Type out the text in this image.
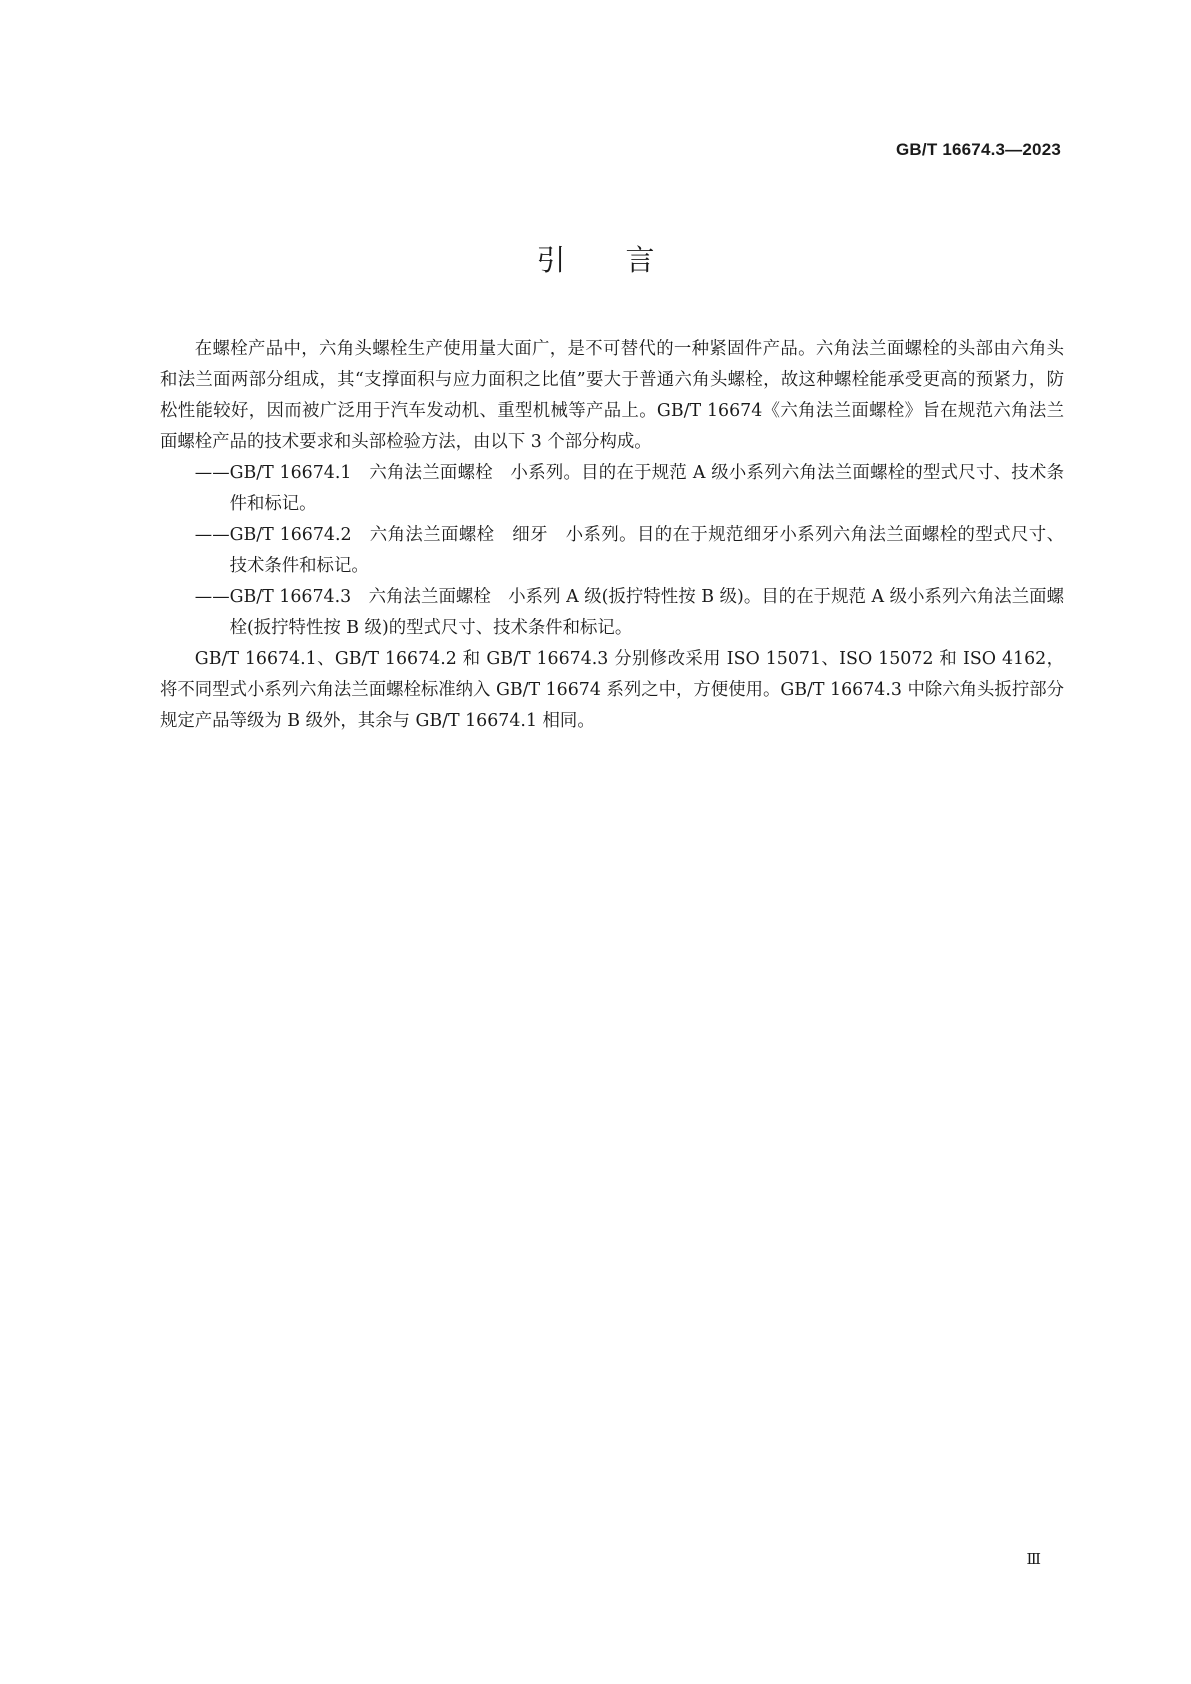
GB/T 16674.3—2023
引言

在螺栓产品中，六角头螺栓生产使用量大面广，是不可替代的一种紧固件产品。六角法兰面螺栓的头部由六角头和法兰面两部分组成，其“支撑面积与应力面积之比值”要大于普通六角头螺栓，故这种螺栓能承受更高的预紧力，防松性能较好，因而被广泛用于汽车发动机、重型机械等产品上。GB/T 16674《六角法兰面螺栓》旨在规范六角法兰面螺栓产品的技术要求和头部检验方法，由以下 3 个部分构成。

——GB/T 16674.1　六角法兰面螺栓　小系列。目的在于规范 A 级小系列六角法兰面螺栓的型式尺寸、技术条件和标记。

——GB/T 16674.2　六角法兰面螺栓　细牙　小系列。目的在于规范细牙小系列六角法兰面螺栓的型式尺寸、技术条件和标记。

——GB/T 16674.3　六角法兰面螺栓　小系列 A 级(扳拧特性按 B 级)。目的在于规范 A 级小系列六角法兰面螺栓(扳拧特性按 B 级)的型式尺寸、技术条件和标记。

GB/T 16674.1、GB/T 16674.2 和 GB/T 16674.3 分别修改采用 ISO 15071、ISO 15072 和 ISO 4162，将不同型式小系列六角法兰面螺栓标准纳入 GB/T 16674 系列之中，方便使用。GB/T 16674.3 中除六角头扳拧部分规定产品等级为 B 级外，其余与 GB/T 16674.1 相同。

Ⅲ
